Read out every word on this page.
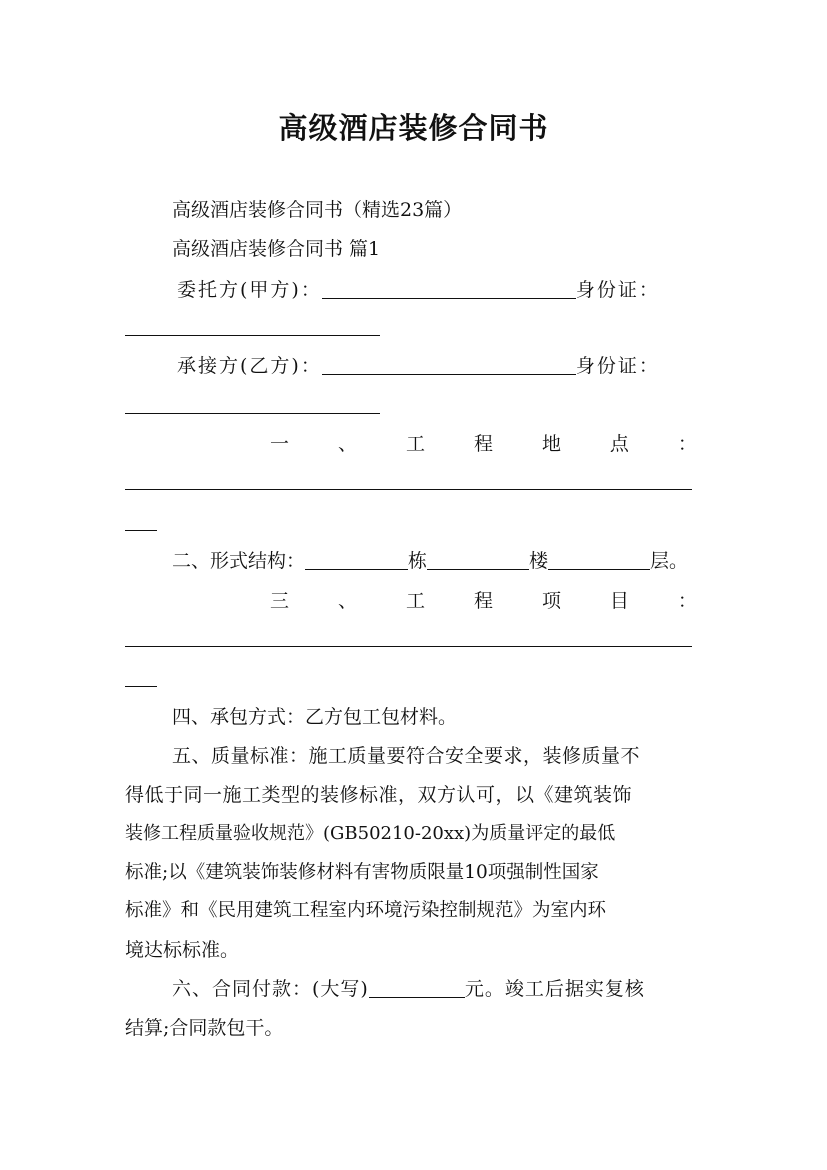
高级酒店装修合同书
高级酒店装修合同书（精选23篇）
高级酒店装修合同书 篇1
委托方(甲方)：	身份证：
承接方(乙方)：	身份证：
一	、	工	程	地	点	：
二、形式结构：	栋	楼	层。
三	、	工	程	项	目	：
四、承包方式：乙方包工包材料。
五、质量标准：施工质量要符合安全要求，装修质量不
得低于同一施工类型的装修标准，双方认可，以《建筑装饰
装修工程质量验收规范》(GB50210-20xx)为质量评定的最低
标准;以《建筑装饰装修材料有害物质限量10项强制性国家
标准》和《民用建筑工程室内环境污染控制规范》为室内环
境达标标准。
六、合同付款：(大写)	元。竣工后据实复核
结算;合同款包干。
